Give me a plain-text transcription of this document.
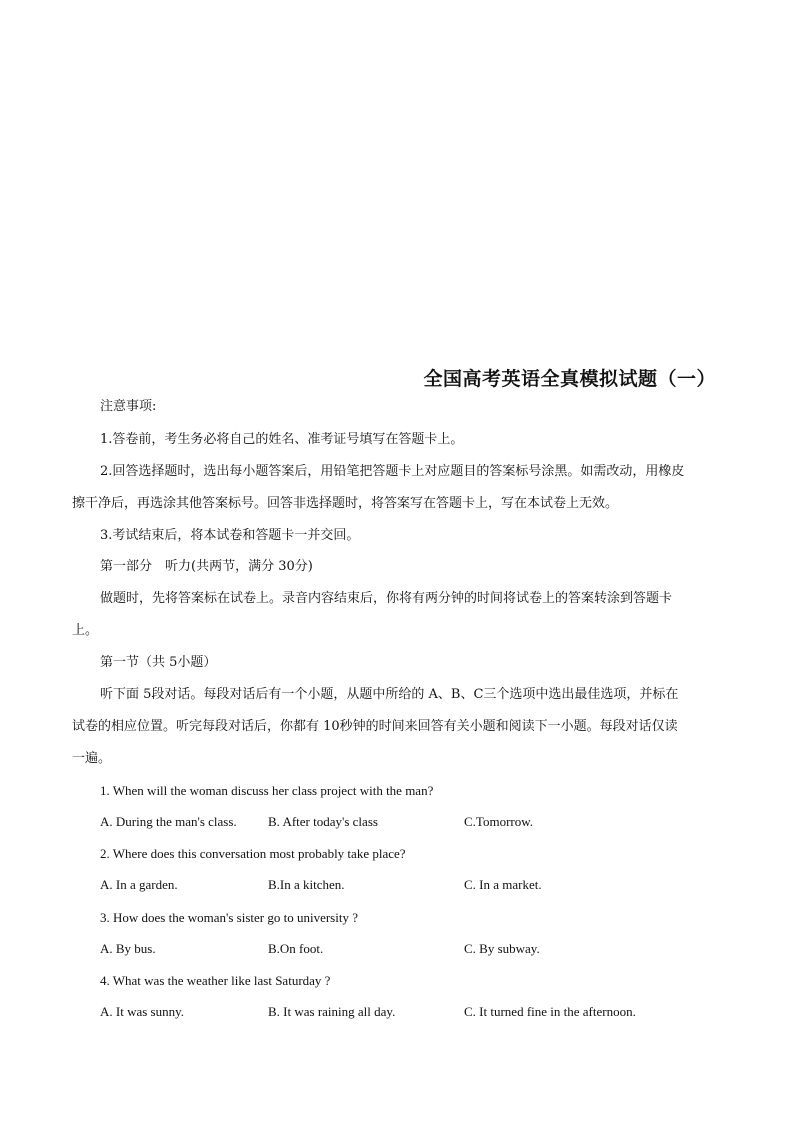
全国高考英语全真模拟试题（一）
注意事项:
1.答卷前，考生务必将自己的姓名、准考证号填写在答题卡上。
2.回答选择题时，选出每小题答案后，用铅笔把答题卡上对应题目的答案标号涂黑。如需改动，用橡皮
擦干净后，再选涂其他答案标号。回答非选择题时，将答案写在答题卡上，写在本试卷上无效。
3.考试结束后，将本试卷和答题卡一并交回。
第一部分　听力(共两节，满分 30分)
做题时，先将答案标在试卷上。录音内容结束后，你将有两分钟的时间将试卷上的答案转涂到答题卡
上。
第一节（共 5小题）
听下面 5段对话。每段对话后有一个小题，从题中所给的 A、B、C三个选项中选出最佳选项，并标在
试卷的相应位置。听完每段对话后，你都有 10秒钟的时间来回答有关小题和阅读下一小题。每段对话仅读
一遍。
1. When will the woman discuss her class project with the man?
A. During the man's class. B. After today's class	C.Tomorrow.
2. Where does this conversation most probably take place?
A. In a garden.	B.In a kitchen.	C. In a market.
3. How does the woman's sister go to university ?
A. By bus.	B.On foot.	C. By subway.
4. What was the weather like last Saturday ?
A. It was sunny.	B. It was raining all day.	C. It turned fine in the afternoon.
